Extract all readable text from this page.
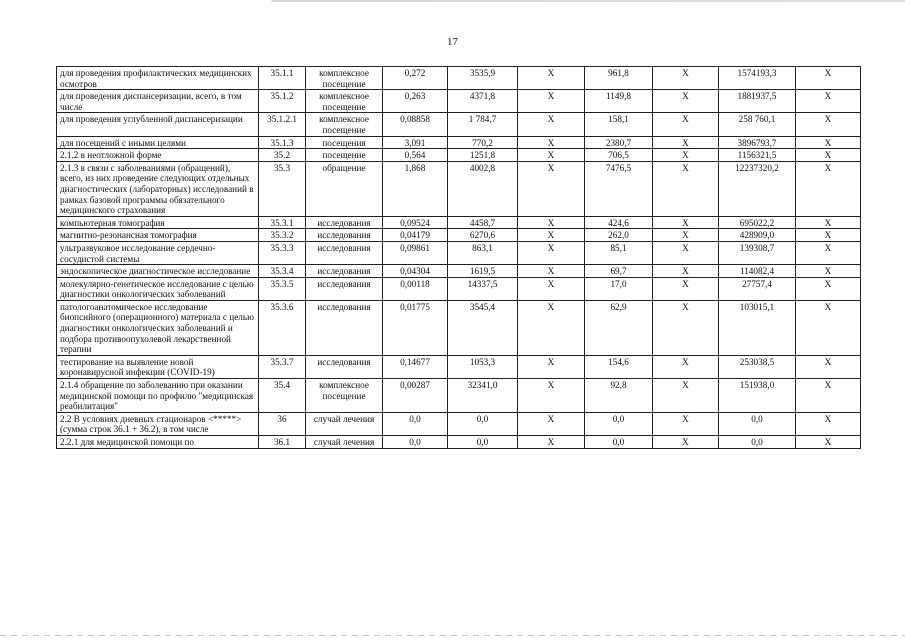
17
для проведения профилактических медицинских осмотров	35.1.1	комплексное посещение	0,272	3535,9	Х	961,8	Х	1574193,3	Х
для проведения диспансеризации, всего, в том числе	35.1.2	комплексное посещение	0,263	4371,8	Х	1149,8	Х	1881937,5	Х
для проведения углубленной диспансеризации	35.1.2.1	комплексное посещение	0,08858	1 784,7	Х	158,1	Х	258 760,1	Х
для посещений с иными целями	35.1.3	посещения	3,091	770,2	Х	2380,7	Х	3896793,7	Х
2.1.2 в неотложной форме	35.2	посещение	0,564	1251,8	Х	706,5	Х	1156321,5	Х
2.1.3 в связи с заболеваниями (обращений), всего, из них проведение следующих отдельных диагностических (лабораторных) исследований в рамках базовой программы обязательного медицинского страхования	35.3	обращение	1,868	4002,8	Х	7476,5	Х	12237320,2	Х
компьютерная томография	35.3.1	исследования	0,09524	4458,7	Х	424,6	Х	695022,2	Х
магнитно-резонансная томография	35.3.2	исследования	0,04179	6270,6	Х	262,0	Х	428909,0	Х
ультразвуковое исследование сердечно-сосудистой системы	35.3.3	исследования	0,09861	863,1	Х	85,1	Х	139308,7	Х
эндоскопическое диагностическое исследование	35.3.4	исследования	0,04304	1619,5	Х	69,7	Х	114082,4	Х
молекулярно-генетическое исследование с целью диагностики онкологических заболеваний	35.3.5	исследования	0,00118	14337,5	Х	17,0	Х	27757,4	Х
патологоанатомическое исследование биопсийного (операционного) материала с целью диагностики онкологических заболеваний и подбора противоопухолевой лекарственной терапии	35.3.6	исследования	0,01775	3545,4	Х	62,9	Х	103015,1	Х
тестирование на выявление новой коронавирусной инфекции (COVID-19)	35.3.7	исследования	0,14677	1053,3	Х	154,6	Х	253038,5	Х
2.1.4 обращение по заболеванию при оказании медицинской помощи по профилю "медицинская реабилитация"	35.4	комплексное посещение	0,00287	32341,0	Х	92,8	Х	151938,0	Х
2.2 В условиях дневных стационаров <*****> (сумма строк 36.1 + 36.2), в том числе	36	случай лечения	0,0	0,0	Х	0,0	Х	0,0	Х
2.2.1 для медицинской помощи по	36.1	случай лечения	0,0	0,0	Х	0,0	Х	0,0	Х
